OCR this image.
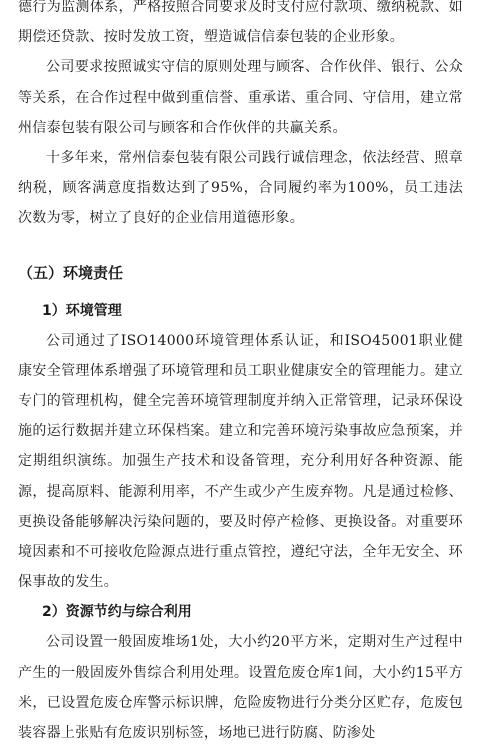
德行为监测体系，严格按照合同要求及时支付应付款项、缴纳税款、如期偿还贷款、按时发放工资，塑造诚信信泰包装的企业形象。

公司要求按照诚实守信的原则处理与顾客、合作伙伴、银行、公众等关系，在合作过程中做到重信誉、重承诺、重合同、守信用，建立常州信泰包装有限公司与顾客和合作伙伴的共赢关系。

十多年来，常州信泰包装有限公司践行诚信理念，依法经营、照章纳税，顾客满意度指数达到了95%，合同履约率为100%，员工违法次数为零，树立了良好的企业信用道德形象。

（五）环境责任
1）环境管理

公司通过了ISO14000环境管理体系认证，和ISO45001职业健康安全管理体系增强了环境管理和员工职业健康安全的管理能力。建立专门的管理机构，健全完善环境管理制度并纳入正常管理，记录环保设施的运行数据并建立环保档案。建立和完善环境污染事故应急预案，并定期组织演练。加强生产技术和设备管理，充分利用好各种资源、能源，提高原料、能源利用率，不产生或少产生废弃物。凡是通过检修、更换设备能够解决污染问题的，要及时停产检修、更换设备。对重要环境因素和不可接收危险源点进行重点管控，遵纪守法，全年无安全、环保事故的发生。

2）资源节约与综合利用

公司设置一般固废堆场1处，大小约20平方米，定期对生产过程中产生的一般固废外售综合利用处理。设置危废仓库1间，大小约15平方米，已设置危废仓库警示标识牌，危险废物进行分类分区贮存，危废包装容器上张贴有危废识别标签，场地已进行防腐、防渗处
